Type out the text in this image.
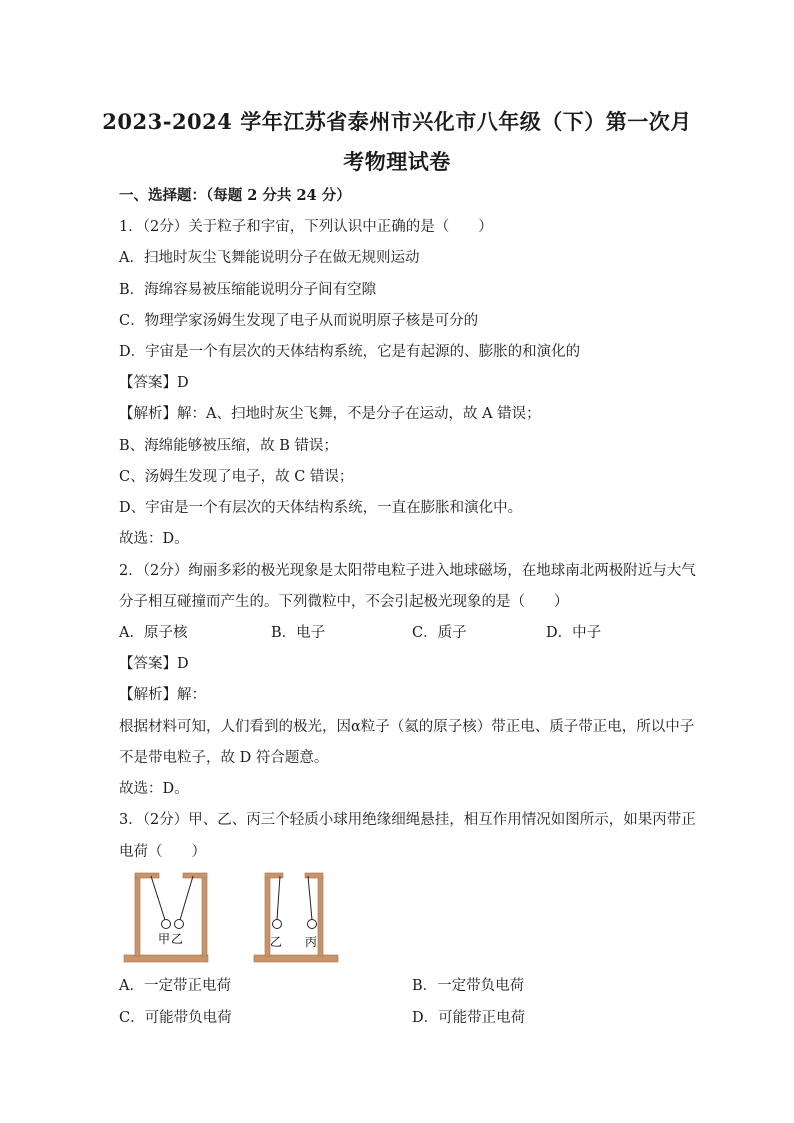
2023-2024 学年江苏省泰州市兴化市八年级（下）第一次月
考物理试卷
一、选择题：（每题 2 分共 24 分）
1．（2分）关于粒子和宇宙，下列认识中正确的是（　　）
A．扫地时灰尘飞舞能说明分子在做无规则运动
B．海绵容易被压缩能说明分子间有空隙
C．物理学家汤姆生发现了电子从而说明原子核是可分的
D．宇宙是一个有层次的天体结构系统，它是有起源的、膨胀的和演化的
【答案】D
【解析】解：A、扫地时灰尘飞舞，不是分子在运动，故 A 错误；
B、海绵能够被压缩，故 B 错误；
C、汤姆生发现了电子，故 C 错误；
D、宇宙是一个有层次的天体结构系统，一直在膨胀和演化中。
故选：D。
2．（2分）绚丽多彩的极光现象是太阳带电粒子进入地球磁场，在地球南北两极附近与大气
分子相互碰撞而产生的。下列微粒中，不会引起极光现象的是（　　）
A．原子核	B．电子	C．质子	D．中子
【答案】D
【解析】解：
根据材料可知，人们看到的极光，因α粒子（氦的原子核）带正电、质子带正电，所以中子
不是带电粒子，故 D 符合题意。
故选：D。
3．（2分）甲、乙、丙三个轻质小球用绝缘细绳悬挂，相互作用情况如图所示，如果丙带正
电荷（　　）
甲 乙	乙 丙
A．一定带正电荷	B．一定带负电荷
C．可能带负电荷	D．可能带正电荷
